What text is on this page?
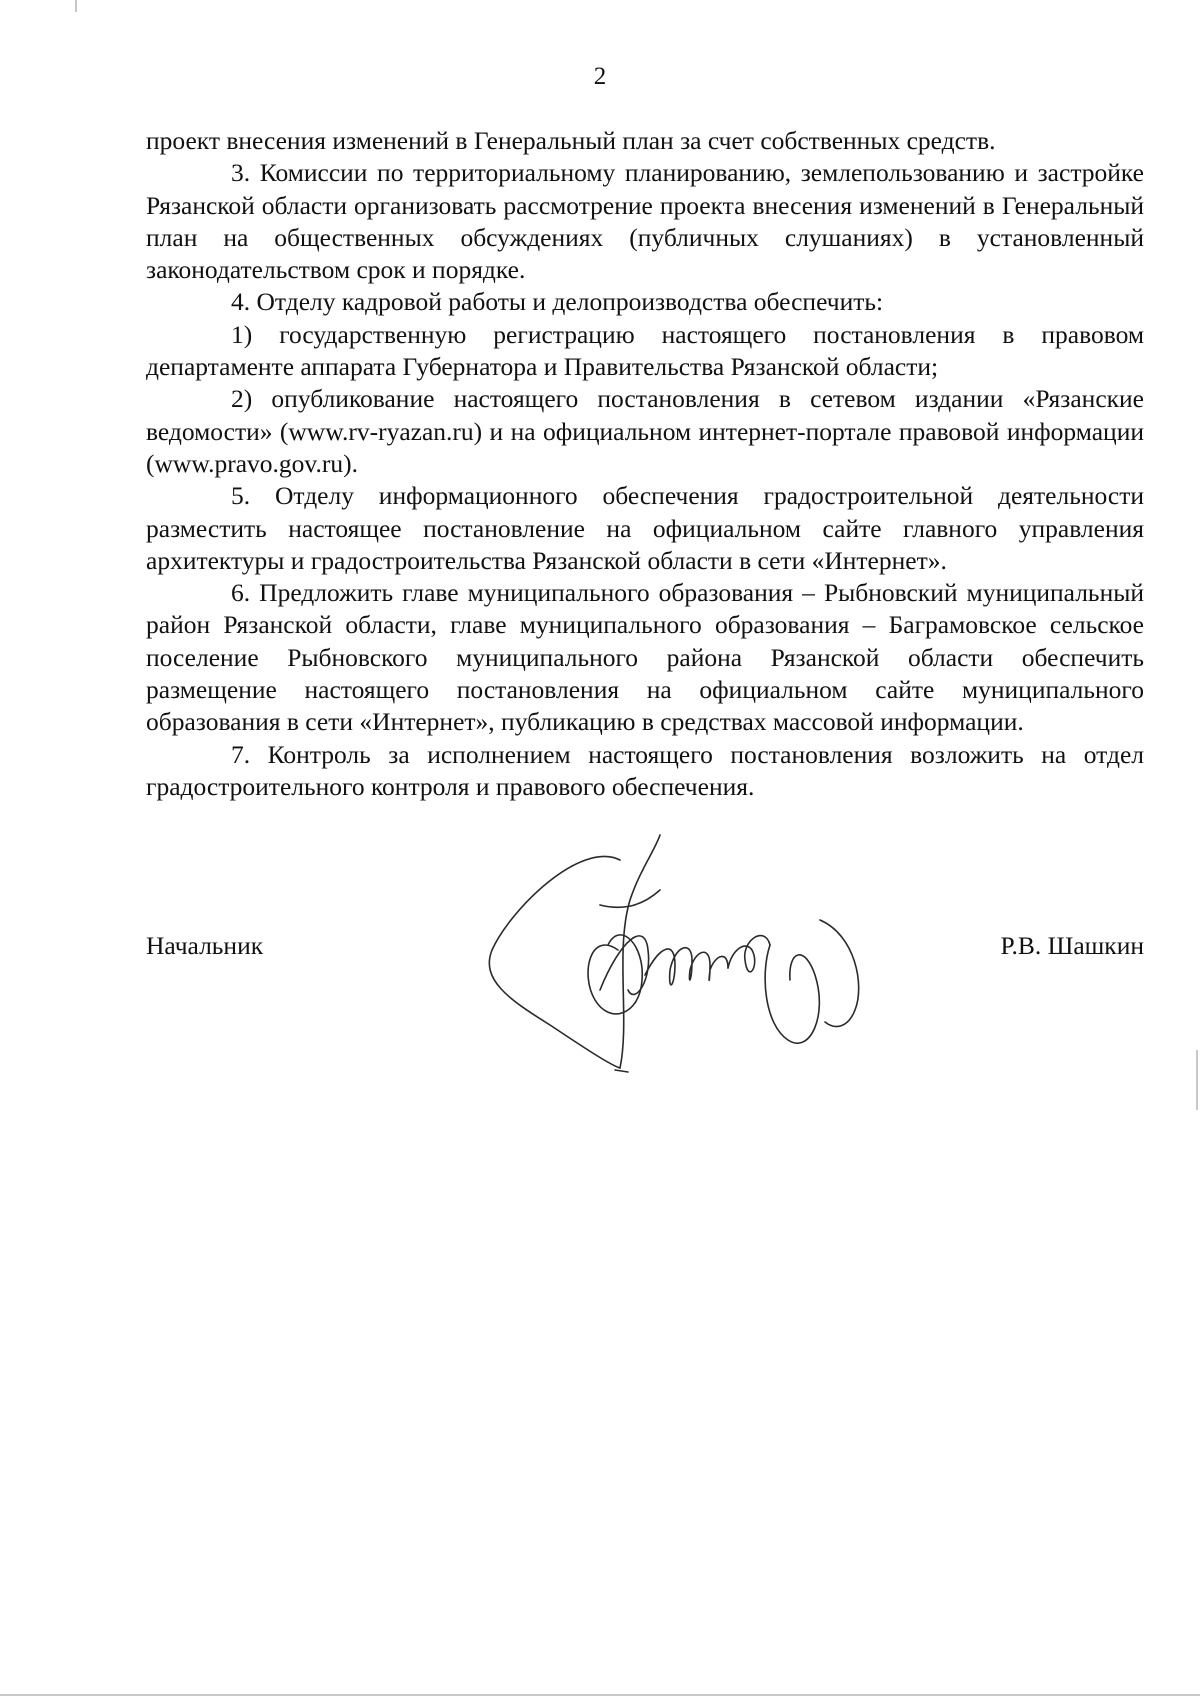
2

проект внесения изменений в Генеральный план за счет собственных средств.

3. Комиссии по территориальному планированию, землепользованию и застройке Рязанской области организовать рассмотрение проекта внесения изменений в Генеральный план на общественных обсуждениях (публичных слушаниях) в установленный законодательством срок и порядке.

4. Отделу кадровой работы и делопроизводства обеспечить:

1) государственную регистрацию настоящего постановления в правовом департаменте аппарата Губернатора и Правительства Рязанской области;

2) опубликование настоящего постановления в сетевом издании «Рязанские ведомости» (www.rv-ryazan.ru) и на официальном интернет-портале правовой информации (www.pravo.gov.ru).

5. Отделу информационного обеспечения градостроительной деятельности разместить настоящее постановление на официальном сайте главного управления архитектуры и градостроительства Рязанской области в сети «Интернет».

6. Предложить главе муниципального образования – Рыбновский муниципальный район Рязанской области, главе муниципального образования – Баграмовское сельское поселение Рыбновского муниципального района Рязанской области обеспечить размещение настоящего постановления на официальном сайте муниципального образования в сети «Интернет», публикацию в средствах массовой информации.

7. Контроль за исполнением настоящего постановления возложить на отдел градостроительного контроля и правового обеспечения.

Начальник	Р.В. Шашкин
